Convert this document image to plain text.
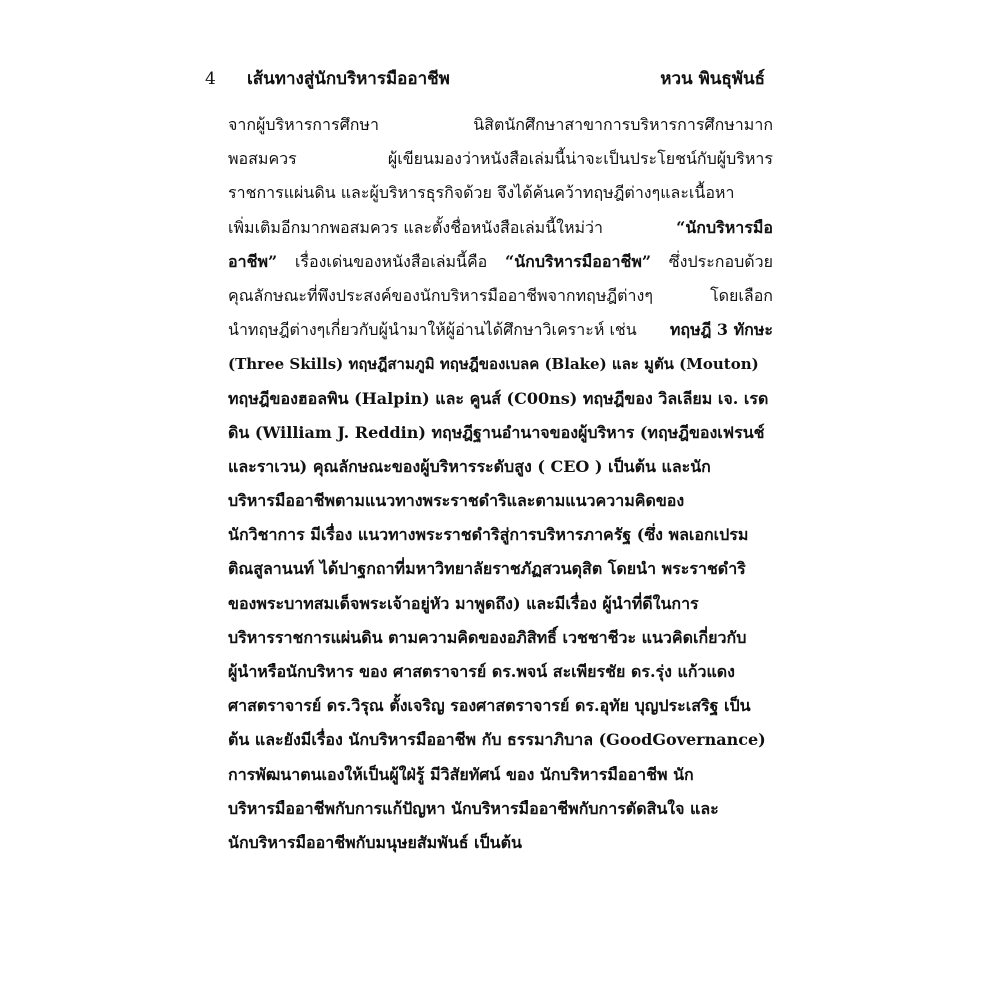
4 เส้นทางสู่นักบริหารมืออาชีพ	หวน พินธุพันธ์
จากผู้บริหารการศึกษา	นิสิตนักศึกษาสาขาการบริหารการศึกษามาก
พอสมควร	ผู้เขียนมองว่าหนังสือเล่มนี้น่าจะเป็นประโยชน์กับผู้บริหาร
ราชการแผ่นดิน และผู้บริหารธุรกิจด้วย จึงได้ค้นคว้าทฤษฎีต่างๆและเนื้อหา
เพิ่มเติมอีกมากพอสมควร และตั้งชื่อหนังสือเล่มนี้ใหม่ว่า	“นักบริหารมือ
อาชีพ” เรื่องเด่นของหนังสือเล่มนี้คือ “นักบริหารมืออาชีพ” ซึ่งประกอบด้วย
คุณลักษณะที่พึงประสงค์ของนักบริหารมืออาชีพจากทฤษฎีต่างๆ	โดยเลือก
นำทฤษฎีต่างๆเกี่ยวกับผู้นำมาให้ผู้อ่านได้ศึกษาวิเคราะห์ เช่น ทฤษฎี 3 ทักษะ
(Three Skills) ทฤษฎีสามภูมิ ทฤษฎีของเบลค (Blake) และ มูตัน (Mouton)
ทฤษฎีของฮอลพิน (Halpin) และ คูนส์ (C00ns) ทฤษฎีของ วิลเลียม เจ. เรด
ดิน (William J. Reddin) ทฤษฎีฐานอำนาจของผู้บริหาร (ทฤษฎีของเฟรนช์
และราเวน) คุณลักษณะของผู้บริหารระดับสูง ( CEO ) เป็นต้น และนัก
บริหารมืออาชีพตามแนวทางพระราชดำริและตามแนวความคิดของ
นักวิชาการ มีเรื่อง แนวทางพระราชดำริสู่การบริหารภาครัฐ (ซึ่ง พลเอกเปรม
ติณสูลานนท์ ได้ปาฐกถาที่มหาวิทยาลัยราชภัฏสวนดุสิต โดยนำ พระราชดำริ
ของพระบาทสมเด็จพระเจ้าอยู่หัว มาพูดถึง) และมีเรื่อง ผู้นำที่ดีในการ
บริหารราชการแผ่นดิน ตามความคิดของอภิสิทธิ์ เวชชาชีวะ แนวคิดเกี่ยวกับ
ผู้นำหรือนักบริหาร ของ ศาสตราจารย์ ดร.พจน์ สะเพียรชัย ดร.รุ่ง แก้วแดง
ศาสตราจารย์ ดร.วิรุณ ตั้งเจริญ รองศาสตราจารย์ ดร.อุทัย บุญประเสริฐ เป็น
ต้น และยังมีเรื่อง นักบริหารมืออาชีพ กับ ธรรมาภิบาล (GoodGovernance)
การพัฒนาตนเองให้เป็นผู้ใฝ่รู้ มีวิสัยทัศน์ ของ นักบริหารมืออาชีพ นัก
บริหารมืออาชีพกับการแก้ปัญหา นักบริหารมืออาชีพกับการตัดสินใจ และ
นักบริหารมืออาชีพกับมนุษยสัมพันธ์ เป็นต้น
